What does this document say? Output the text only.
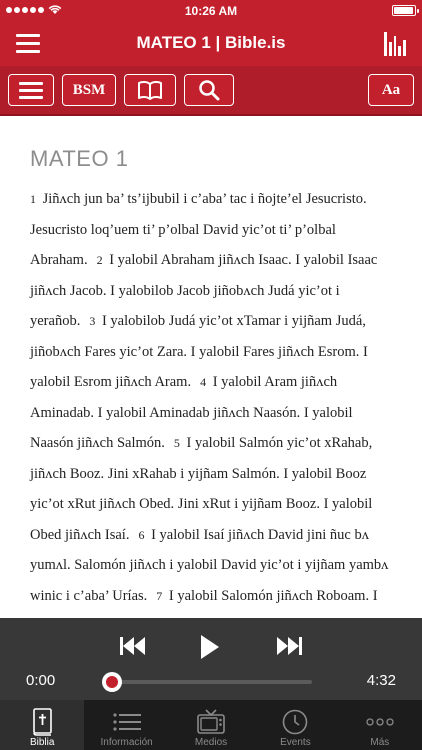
10:26 AM
MATEO 1 | Bible.is
BSM	Aa
MATEO 1
1 Jiñʌch jun ba’ ts’ijbubil i c’aba’ tac i ñojte’el Jesucristo. Jesucristo loq’uem ti’ p’olbal David yic’ot ti’ p’olbal Abraham.   2 I yalobil Abraham jiñʌch Isaac. I yalobil Isaac jiñʌch Jacob. I yalobilob Jacob jiñobʌch Judá yic’ot i yerañob.   3 I yalobilob Judá yic’ot xTamar i yijñam Judá, jiñobʌch Fares yic’ot Zara. I yalobil Fares jiñʌch Esrom. I yalobil Esrom jiñʌch Aram.   4 I yalobil Aram jiñʌch Aminadab. I yalobil Aminadab jiñʌch Naasón. I yalobil Naasón jiñʌch Salmón.   5 I yalobil Salmón yic’ot xRahab, jiñʌch Booz. Jini xRahab i yijñam Salmón. I yalobil Booz yic’ot xRut jiñʌch Obed. Jini xRut i yijñam Booz. I yalobil Obed jiñʌch Isaí.   6 I yalobil Isaí jiñʌch David jini ñuc bʌ yumʌl. Salomón jiñʌch i yalobil David yic’ot i yijñam yambʌ winic i c’aba’ Urías.   7 I yalobil Salomón jiñʌch Roboam. I
0:00	4:32
Biblia	Información	Medios	Events	Más
